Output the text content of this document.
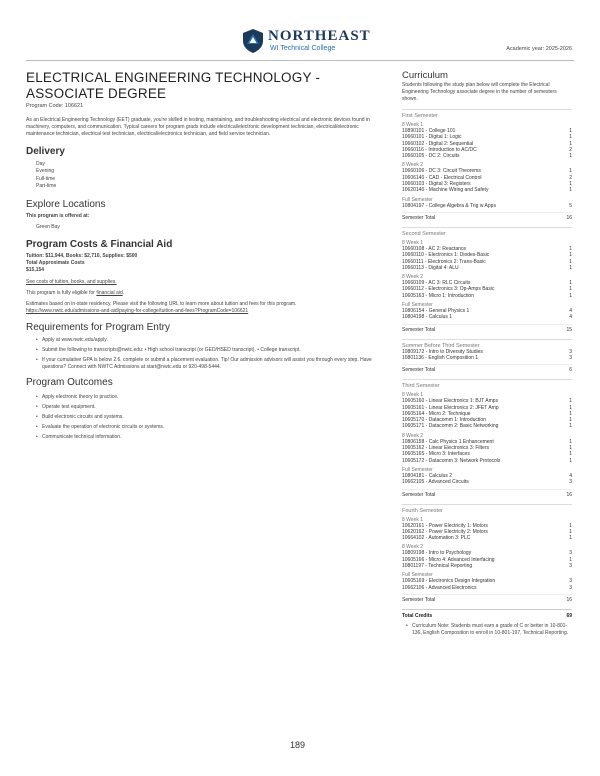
NORTHEAST
WI Technical College	Academic year: 2025-2026
ELECTRICAL ENGINEERING TECHNOLOGY - ASSOCIATE DEGREE
Program Code: 106621
As an Electrical Engineering Technology (EET) graduate, you're skilled in testing, maintaining, and troubleshooting electrical and electronic devices found in machinery, computers, and communication. Typical careers for program grads include electrical/electronic development technician, electrical/electronic maintenance technician, electrical test technician, electrical/electronics technician, and field service technician.
Delivery
Day
Evening
Full-time
Part-time
Explore Locations
This program is offered at:
Green Bay
Program Costs & Financial Aid
Tuition: $11,944, Books: $2,710, Supplies: $500
Total Approximate Costs
$15,154
See costs of tuition, books, and supplies.
This program is fully eligible for financial aid.
Estimates based on in-state residency. Please visit the following URL to learn more about tuition and fees for this program.
https://www.nwtc.edu/admissions-and-aid/paying-for-college/tuition-and-fees?ProgramCode=106621
Requirements for Program Entry
• Apply at www.nwtc.edu/apply.
• Submit the following to transcripts@nwtc.edu: • High school transcript (or GED/HSED transcript). • College transcript.
• If your cumulative GPA is below 2.6, complete or submit a placement evaluation. Tip! Our admission advisors will assist you through every step. Have questions? Connect with NWTC Admissions at start@nwtc.edu or 920-498-5444.
Program Outcomes
• Apply electronic theory to practice.
• Operate test equipment.
• Build electronic circuits and systems.
• Evaluate the operation of electronic circuits or systems.
• Communicate technical information.
Curriculum
Students following the study plan below will complete the Electrical Engineering Technology associate degree in the number of semesters shown.
First Semester
8 Week 1
10890101 - College 101	1
10660101 - Digital 1: Logic	1
10660102 - Digital 2: Sequential	1
10660116 - Introduction to AC/DC	2
10660105 - DC 2: Circuits	1
8 Week 2
10660106 - DC 3: Circuit Theorems	1
10606140 - CAD - Electrical Control	2
10660103 - Digital 3: Registers	1
10620140 - Machine Wiring and Safety	1
Full Semester
10804197 - College Algebra & Trig w Apps	5
Semester Total	16
Second Semester
8 Week 1
10660108 - AC 2: Reactance	1
10660110 - Electronics 1: Diodes-Basic	1
10660111 - Electronics 2: Trans-Basic	1
10660113 - Digital 4: ALU	1
8 Week 2
10660109 - AC 3: RLC Circuits	1
10660112 - Electronics 3: Op-Amps Basic	1
10605163 - Micro 1: Introduction	1
Full Semester
10806154 - General Physics 1	4
10804198 - Calculus 1	4
Semester Total	15
Summer Before Third Semester
10809172 - Intro to Diversity Studies	3
10801136 - English Composition 1	3
Semester Total	6
Third Semester
8 Week 1
10605160 - Linear Electronics 1: BJT Amps	1
10605161 - Linear Electronics 2: JFET Amp	1
10605164 - Micro 2: Technique	1
10605170 - Datacomm 1: Introduction	1
10605171 - Datacomm 2: Basic Networking	1
8 Week 2
10806158 - Calc Physics 1 Enhancement	1
10605162 - Linear Electronics 3: Filters	1
10605165 - Micro 3: Interfaces	1
10605172 - Datacomm 3: Network Protocols	1
Full Semester
10804181 - Calculus 2	4
10662105 - Advanced Circuits	3
Semester Total	16
Fourth Semester
8 Week 1
10620161 - Power Electricity 1: Motors	1
10620162 - Power Electricity 2: Motors	1
10664102 - Automation 3: PLC	1
8 Week 2
10809198 - Intro to Psychology	3
10605166 - Micro 4: Advanced Interfacing	1
10801197 - Technical Reporting	3
Full Semester
10605169 - Electronics Design Integration	3
10662106 - Advanced Electronics	3
Semester Total	16
Total Credits	69
• Curriculum Note: Students must earn a grade of C or better in 10-801-136, English Composition to enroll in 10-801-197, Technical Reporting.
189
